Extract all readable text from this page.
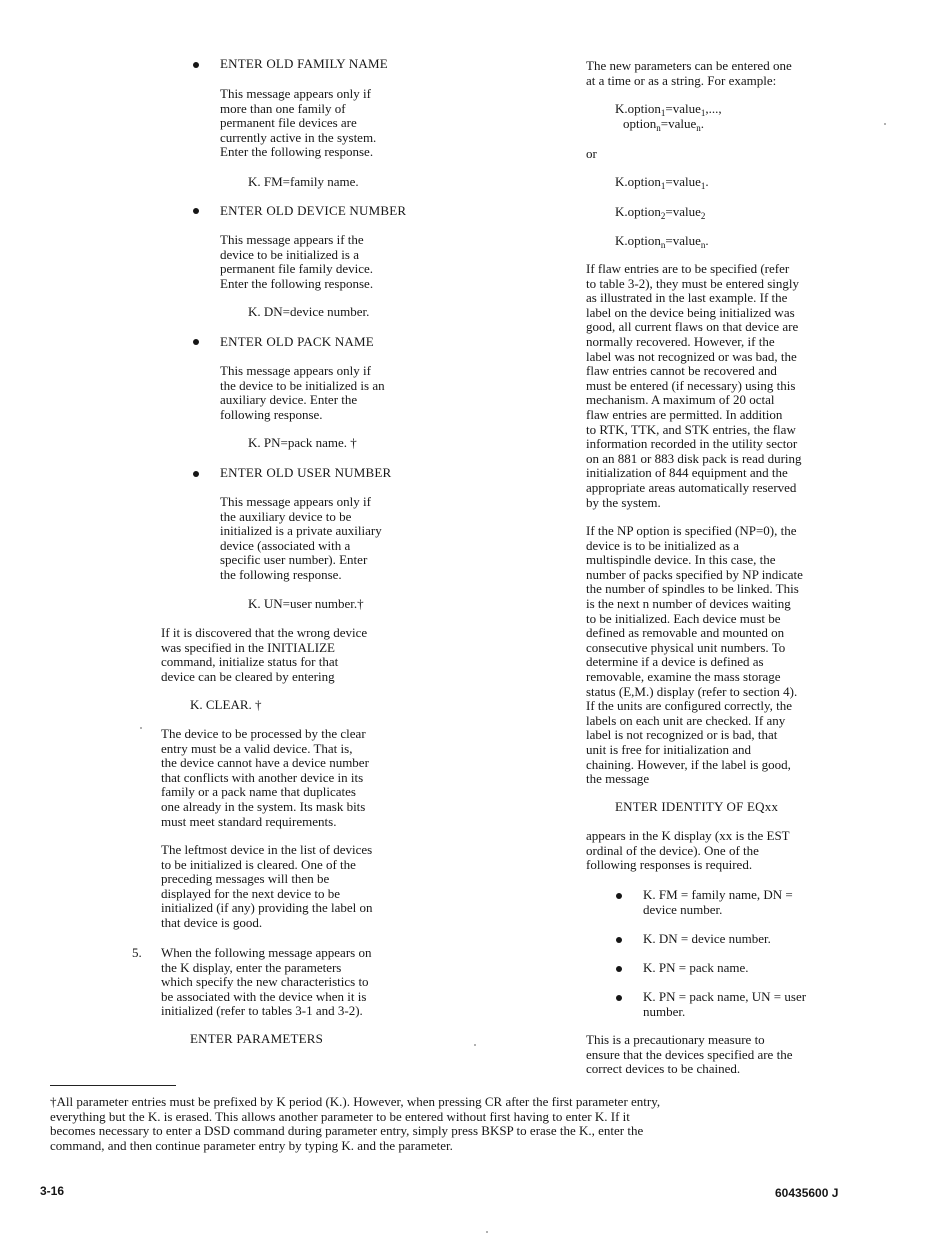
ENTER OLD FAMILY NAME
This message appears only if
more than one family of
permanent file devices are
currently active in the system.
Enter the following response.
K. FM=family name.
ENTER OLD DEVICE NUMBER
This message appears if the
device to be initialized is a
permanent file family device.
Enter the following response.
K. DN=device number.
ENTER OLD PACK NAME
This message appears only if
the device to be initialized is an
auxiliary device. Enter the
following response.
K. PN=pack name. †
ENTER OLD USER NUMBER
This message appears only if
the auxiliary device to be
initialized is a private auxiliary
device (associated with a
specific user number). Enter
the following response.
K. UN=user number.†
If it is discovered that the wrong device
was specified in the INITIALIZE
command, initialize status for that
device can be cleared by entering
K. CLEAR. †
The device to be processed by the clear
entry must be a valid device. That is,
the device cannot have a device number
that conflicts with another device in its
family or a pack name that duplicates
one already in the system. Its mask bits
must meet standard requirements.
The leftmost device in the list of devices
to be initialized is cleared. One of the
preceding messages will then be
displayed for the next device to be
initialized (if any) providing the label on
that device is good.
5. When the following message appears on
the K display, enter the parameters
which specify the new characteristics to
be associated with the device when it is
initialized (refer to tables 3-1 and 3-2).
ENTER PARAMETERS
The new parameters can be entered one
at a time or as a string. For example:
K.option$_1$=value$_1$,...,
option$_n$=value$_n$.
or
K.option$_1$=value$_1$.
K.option$_2$=value$_2$
K.option$_n$=value$_n$.
If flaw entries are to be specified (refer
to table 3-2), they must be entered singly
as illustrated in the last example. If the
label on the device being initialized was
good, all current flaws on that device are
normally recovered. However, if the
label was not recognized or was bad, the
flaw entries cannot be recovered and
must be entered (if necessary) using this
mechanism. A maximum of 20 octal
flaw entries are permitted. In addition
to RTK, TTK, and STK entries, the flaw
information recorded in the utility sector
on an 881 or 883 disk pack is read during
initialization of 844 equipment and the
appropriate areas automatically reserved
by the system.
If the NP option is specified (NP=0), the
device is to be initialized as a
multispindle device. In this case, the
number of packs specified by NP indicate
the number of spindles to be linked. This
is the next n number of devices waiting
to be initialized. Each device must be
defined as removable and mounted on
consecutive physical unit numbers. To
determine if a device is defined as
removable, examine the mass storage
status (E,M.) display (refer to section 4).
If the units are configured correctly, the
labels on each unit are checked. If any
label is not recognized or is bad, that
unit is free for initialization and
chaining. However, if the label is good,
the message
ENTER IDENTITY OF EQxx
appears in the K display (xx is the EST
ordinal of the device). One of the
following responses is required.
K. FM = family name, DN =
device number.
K. DN = device number.
K. PN = pack name.
K. PN = pack name, UN = user
number.
This is a precautionary measure to
ensure that the devices specified are the
correct devices to be chained.
†All parameter entries must be prefixed by K period (K.). However, when pressing CR after the first parameter entry,
everything but the K. is erased. This allows another parameter to be entered without first having to enter K. If it
becomes necessary to enter a DSD command during parameter entry, simply press BKSP to erase the K., enter the
command, and then continue parameter entry by typing K. and the parameter.
3-16	60435600 J
